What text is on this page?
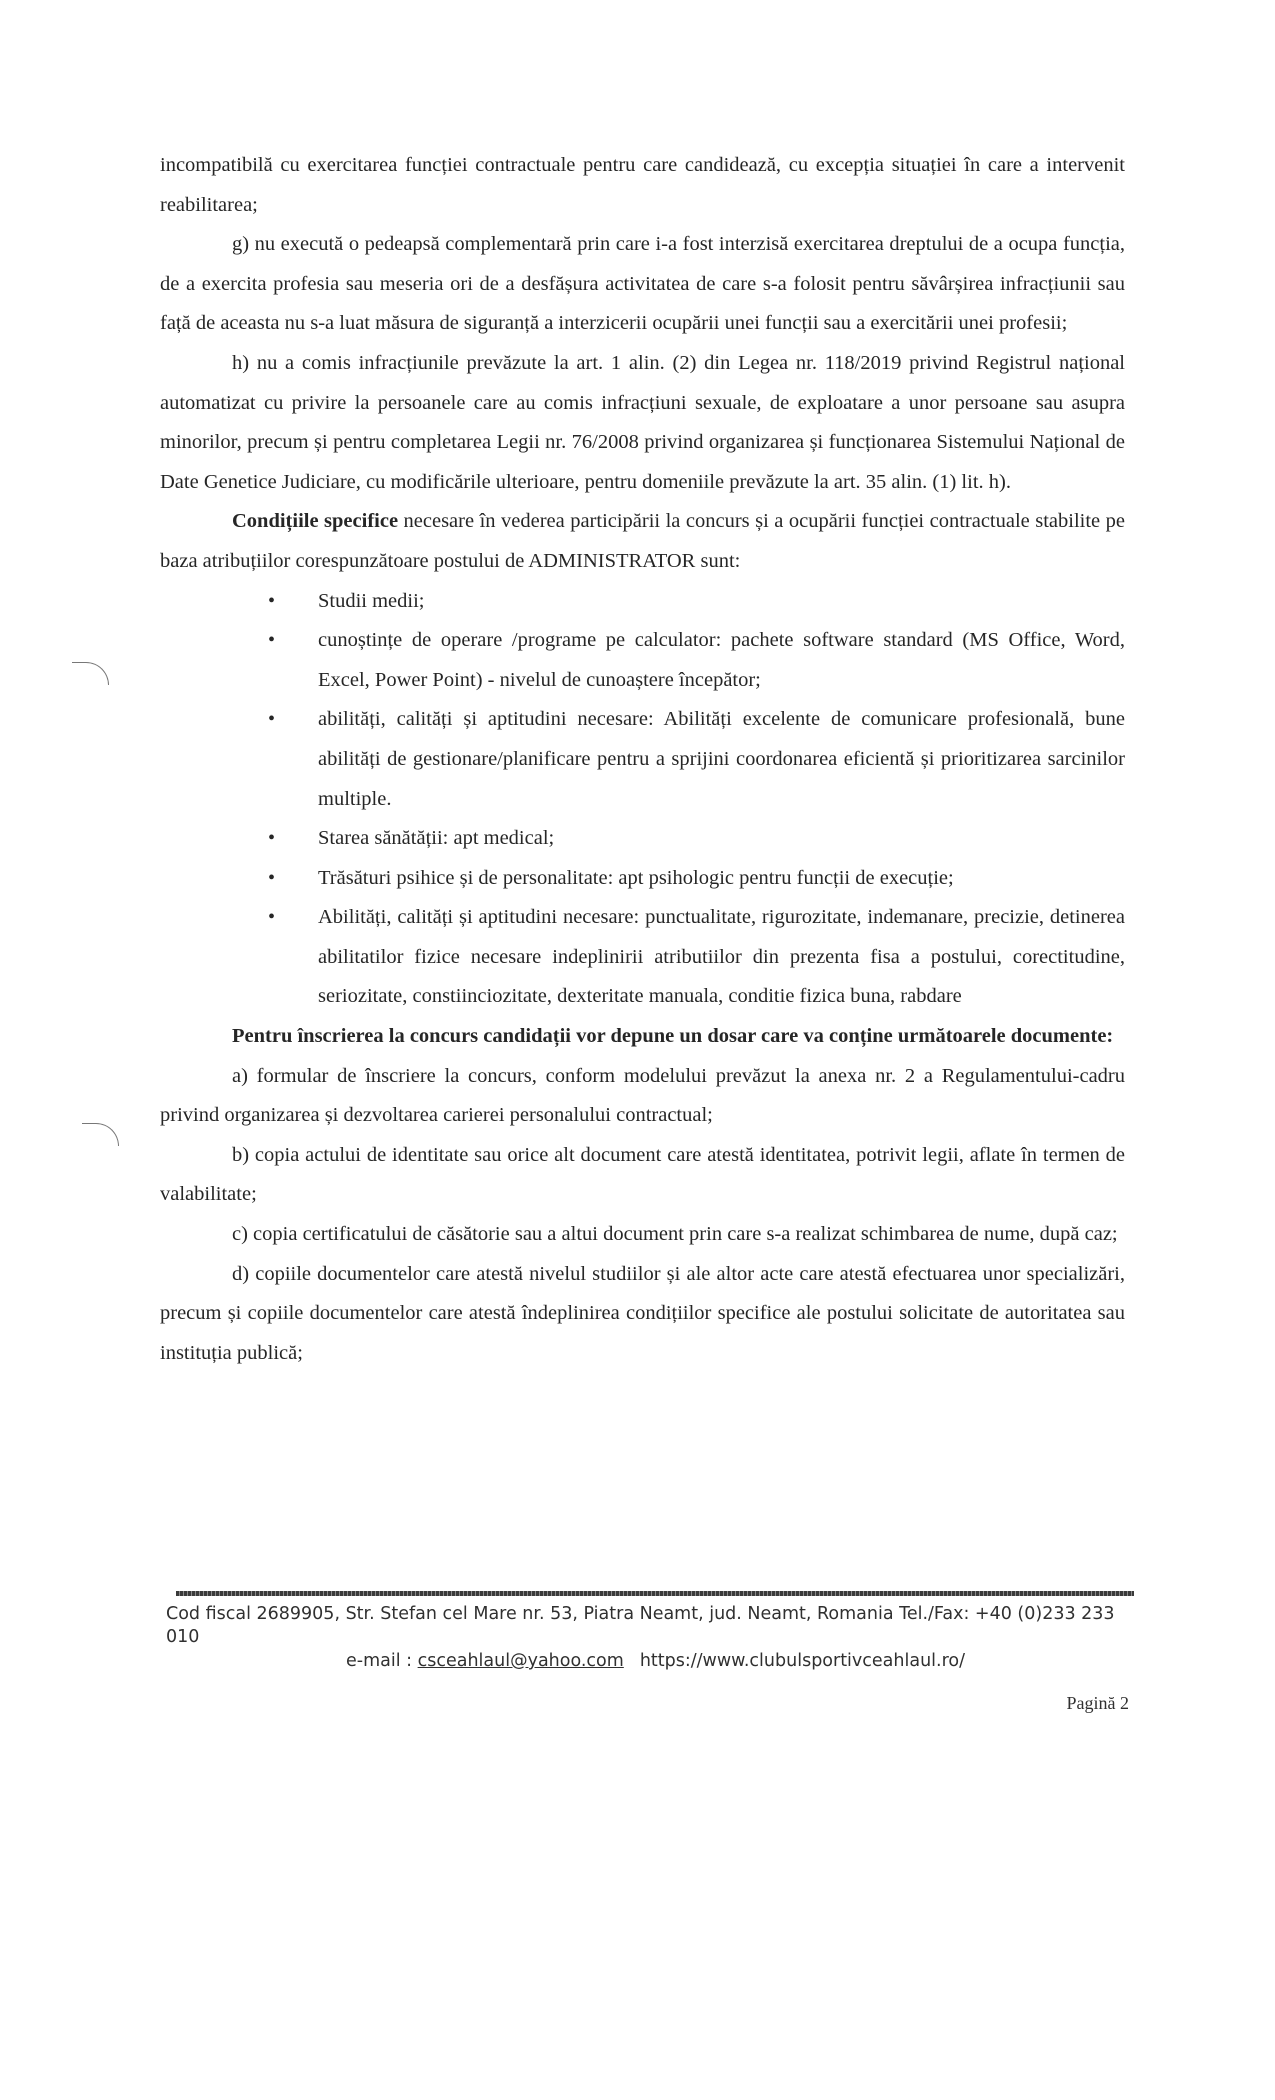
incompatibilă cu exercitarea funcției contractuale pentru care candidează, cu excepția situației în care a intervenit reabilitarea;

g) nu execută o pedeapsă complementară prin care i-a fost interzisă exercitarea dreptului de a ocupa funcția, de a exercita profesia sau meseria ori de a desfășura activitatea de care s-a folosit pentru săvârșirea infracțiunii sau față de aceasta nu s-a luat măsura de siguranță a interzicerii ocupării unei funcții sau a exercitării unei profesii;

h) nu a comis infracțiunile prevăzute la art. 1 alin. (2) din Legea nr. 118/2019 privind Registrul național automatizat cu privire la persoanele care au comis infracțiuni sexuale, de exploatare a unor persoane sau asupra minorilor, precum și pentru completarea Legii nr. 76/2008 privind organizarea și funcționarea Sistemului Național de Date Genetice Judiciare, cu modificările ulterioare, pentru domeniile prevăzute la art. 35 alin. (1) lit. h).

Condițiile specifice necesare în vederea participării la concurs și a ocupării funcției contractuale stabilite pe baza atribuțiilor corespunzătoare postului de ADMINISTRATOR sunt:

• Studii medii;
• cunoștințe de operare /programe pe calculator: pachete software standard (MS Office, Word, Excel, Power Point) - nivelul de cunoaștere începător;
• abilități, calități și aptitudini necesare: Abilități excelente de comunicare profesională, bune abilități de gestionare/planificare pentru a sprijini coordonarea eficientă și prioritizarea sarcinilor multiple.
• Starea sănătății: apt medical;
• Trăsături psihice și de personalitate: apt psihologic pentru funcții de execuție;
• Abilități, calități și aptitudini necesare: punctualitate, rigurozitate, indemanare, precizie, detinerea abilitatilor fizice necesare indeplinirii atributiilor din prezenta fisa a postului, corectitudine, seriozitate, constiinciozitate, dexteritate manuala, conditie fizica buna, rabdare

Pentru înscrierea la concurs candidații vor depune un dosar care va conține următoarele documente:

a) formular de înscriere la concurs, conform modelului prevăzut la anexa nr. 2 a Regulamentului-cadru privind organizarea și dezvoltarea carierei personalului contractual;

b) copia actului de identitate sau orice alt document care atestă identitatea, potrivit legii, aflate în termen de valabilitate;

c) copia certificatului de căsătorie sau a altui document prin care s-a realizat schimbarea de nume, după caz;

d) copiile documentelor care atestă nivelul studiilor și ale altor acte care atestă efectuarea unor specializări, precum și copiile documentelor care atestă îndeplinirea condițiilor specifice ale postului solicitate de autoritatea sau instituția publică;

Cod fiscal 2689905, Str. Stefan cel Mare nr. 53, Piatra Neamt, jud. Neamt, Romania Tel./Fax: +40 (0)233 233 010
e-mail : csceahlaul@yahoo.com https://www.clubulsportivceahlaul.ro/
Pagină 2
